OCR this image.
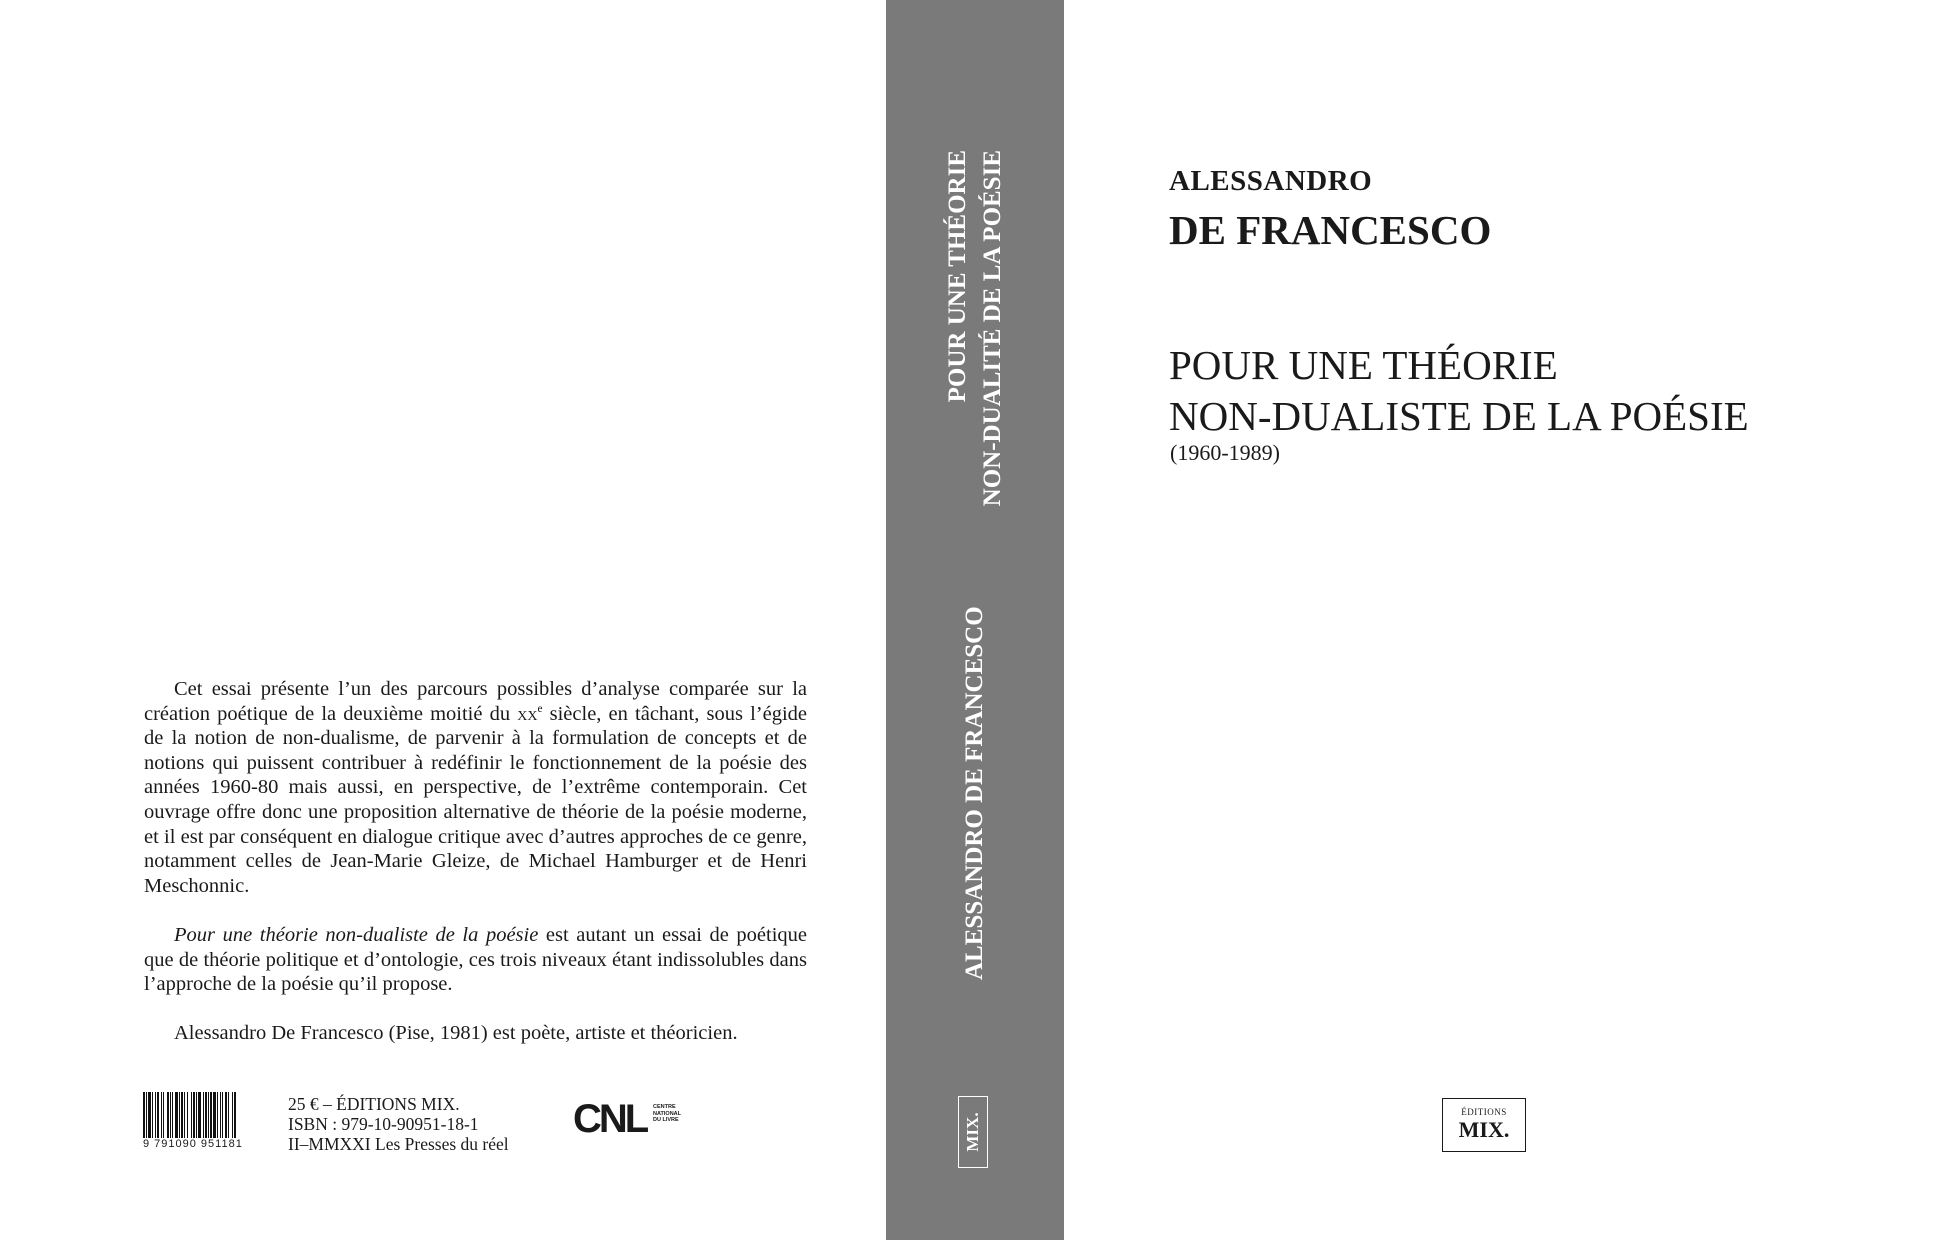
Cet essai présente l’un des parcours possibles d’analyse comparée sur la création poétique de la deuxième moitié du $xx^e$ siècle, en tâchant, sous l’égide de la notion de non-dualisme, de parvenir à la formulation de concepts et de notions qui puissent contribuer à redéfinir le fonctionnement de la poésie des années 1960-80 mais aussi, en perspective, de l’extrême contemporain. Cet ouvrage offre donc une proposition alternative de théorie de la poésie moderne, et il est par conséquent en dialogue critique avec d’autres approches de ce genre, notamment celles de Jean-Marie Gleize, de Michael Hamburger et de Henri Meschonnic.

Pour une théorie non-dualiste de la poésie est autant un essai de poétique que de théorie politique et d’ontologie, ces trois niveaux étant indissolubles dans l’approche de la poésie qu’il propose.

Alessandro De Francesco (Pise, 1981) est poète, artiste et théoricien.

9 791090 951181
25 € – ÉDITIONS MIX.
ISBN : 979-10-90951-18-1
II–MMXXI Les Presses du réel
CNL CENTRE
NATIONAL
DU LIVRE
POUR UNE THÉORIE NON-DUALITÉ DE LA POÉSIE
ALESSANDRO DE FRANCESCO
MIX.
ALESSANDRO
DE FRANCESCO
POUR UNE THÉORIE
NON-DUALISTE DE LA POÉSIE
(1960-1989)
ÉDITIONS
MIX.
